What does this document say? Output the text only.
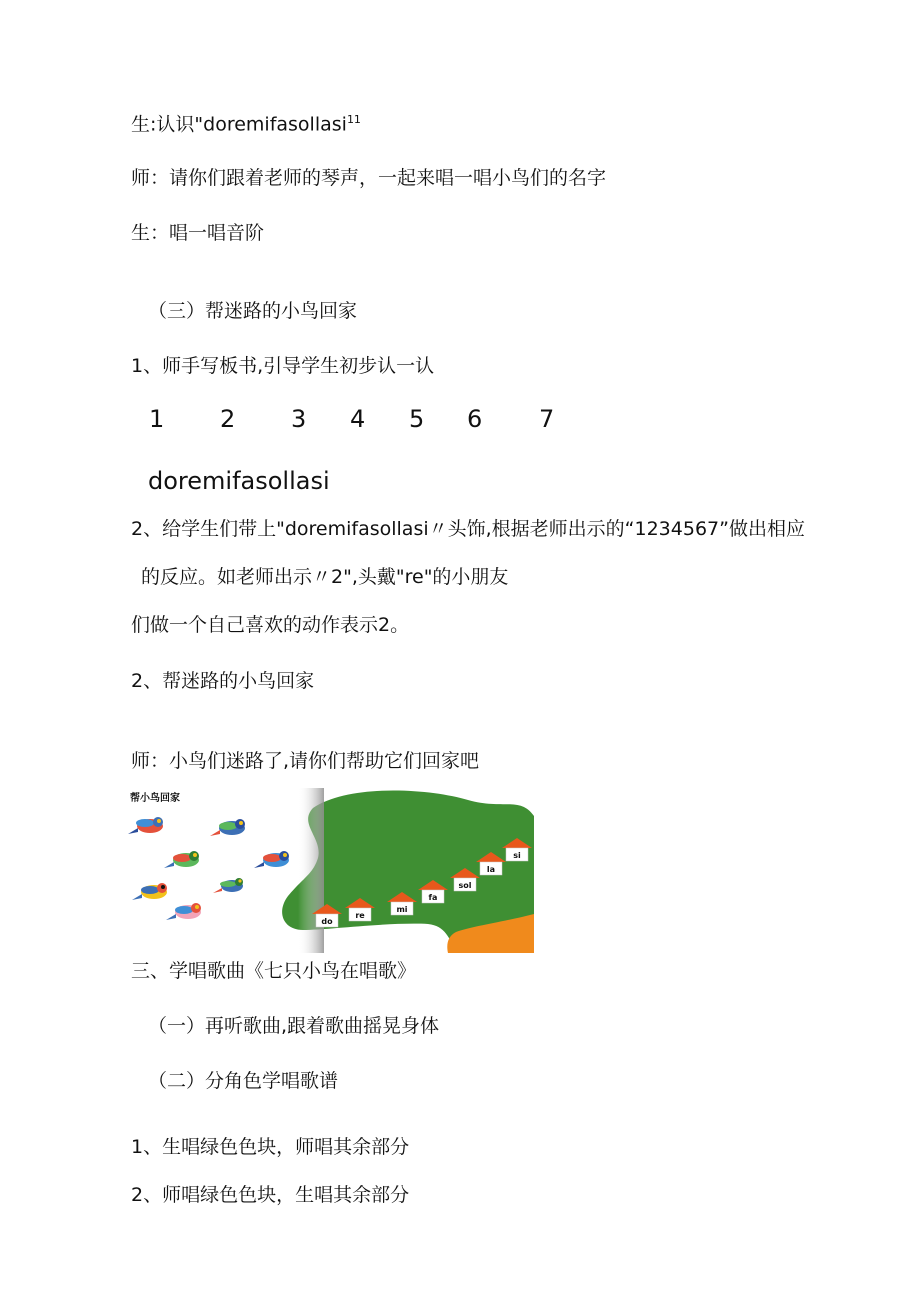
生:认识"doremifasollasi$^{11}$
师：请你们跟着老师的琴声，一起来唱一唱小鸟们的名字
生：唱一唱音阶
（三）帮迷路的小鸟回家
1、师手写板书,引导学生初步认一认
1 2 3 4 5 6 7
doremifasollasi
2、给学生们带上"doremifasollasi〃头饰,根据老师出示的“1234567”做出相应
的反应。如老师出示〃2",头戴"re"的小朋友
们做一个自己喜欢的动作表示2。
2、帮迷路的小鸟回家
师：小鸟们迷路了,请你们帮助它们回家吧
帮小鸟回家
do
re
mi
fa
sol
la
si
三、学唱歌曲《七只小鸟在唱歌》
（一）再听歌曲,跟着歌曲摇晃身体
（二）分角色学唱歌谱
1、生唱绿色色块，师唱其余部分
2、师唱绿色色块，生唱其余部分
